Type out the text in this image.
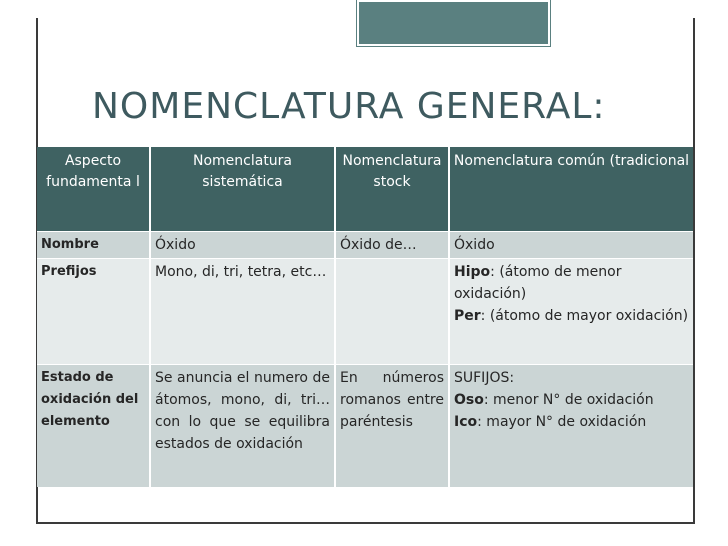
NOMENCLATURA GENERAL:
Aspecto fundamenta l	Nomenclatura sistemática	Nomenclatura stock	Nomenclatura común (tradicional
Nombre	Óxido	Óxido de…	Óxido
Prefijos	Mono, di, tri, tetra, etc…		Hipo: (átomo de menor oxidación)
Per: (átomo de mayor oxidación)

Estado de oxidación del elemento	Se anuncia el numero de átomos, mono, di, tri… con lo que se equilibra estados de oxidación	En números romanos entre paréntesis	SUFIJOS:
Oso: menor N° de oxidación
Ico: mayor N° de oxidación
